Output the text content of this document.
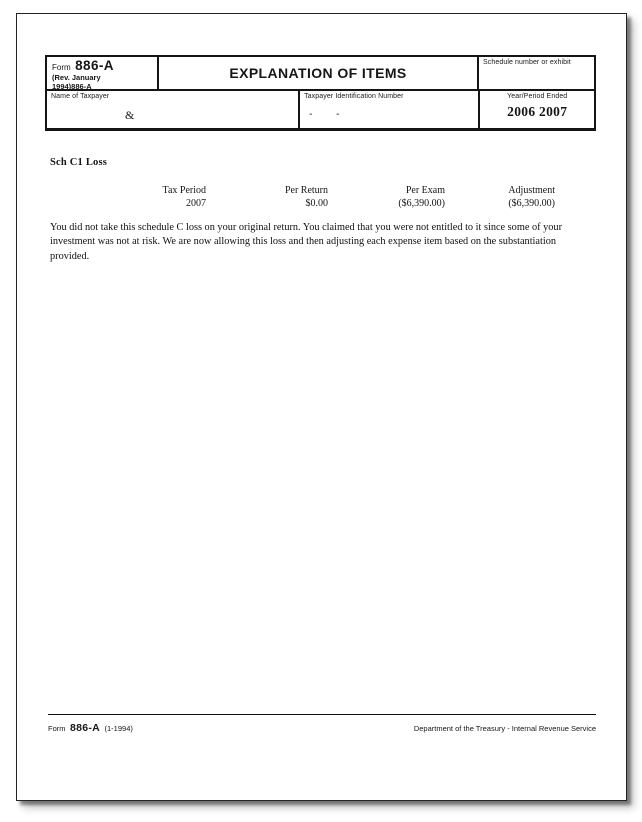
Form 886-A
(Rev. January
1994)886-A
EXPLANATION OF ITEMS
Schedule number or exhibit
Name of Taxpayer
&
Taxpayer Identification Number
-      -
Year/Period Ended
2006 2007
Sch C1 Loss
Tax Period
2007
Per Return
$0.00
Per Exam
($6,390.00)
Adjustment
($6,390.00)
You did not take this schedule C loss on your original return. You claimed that you were not entitled to it since some of your investment was not at risk. We are now allowing this loss and then adjusting each expense item based on the substantiation provided.
Form 886-A (1-1994)	Department of the Treasury - Internal Revenue Service
